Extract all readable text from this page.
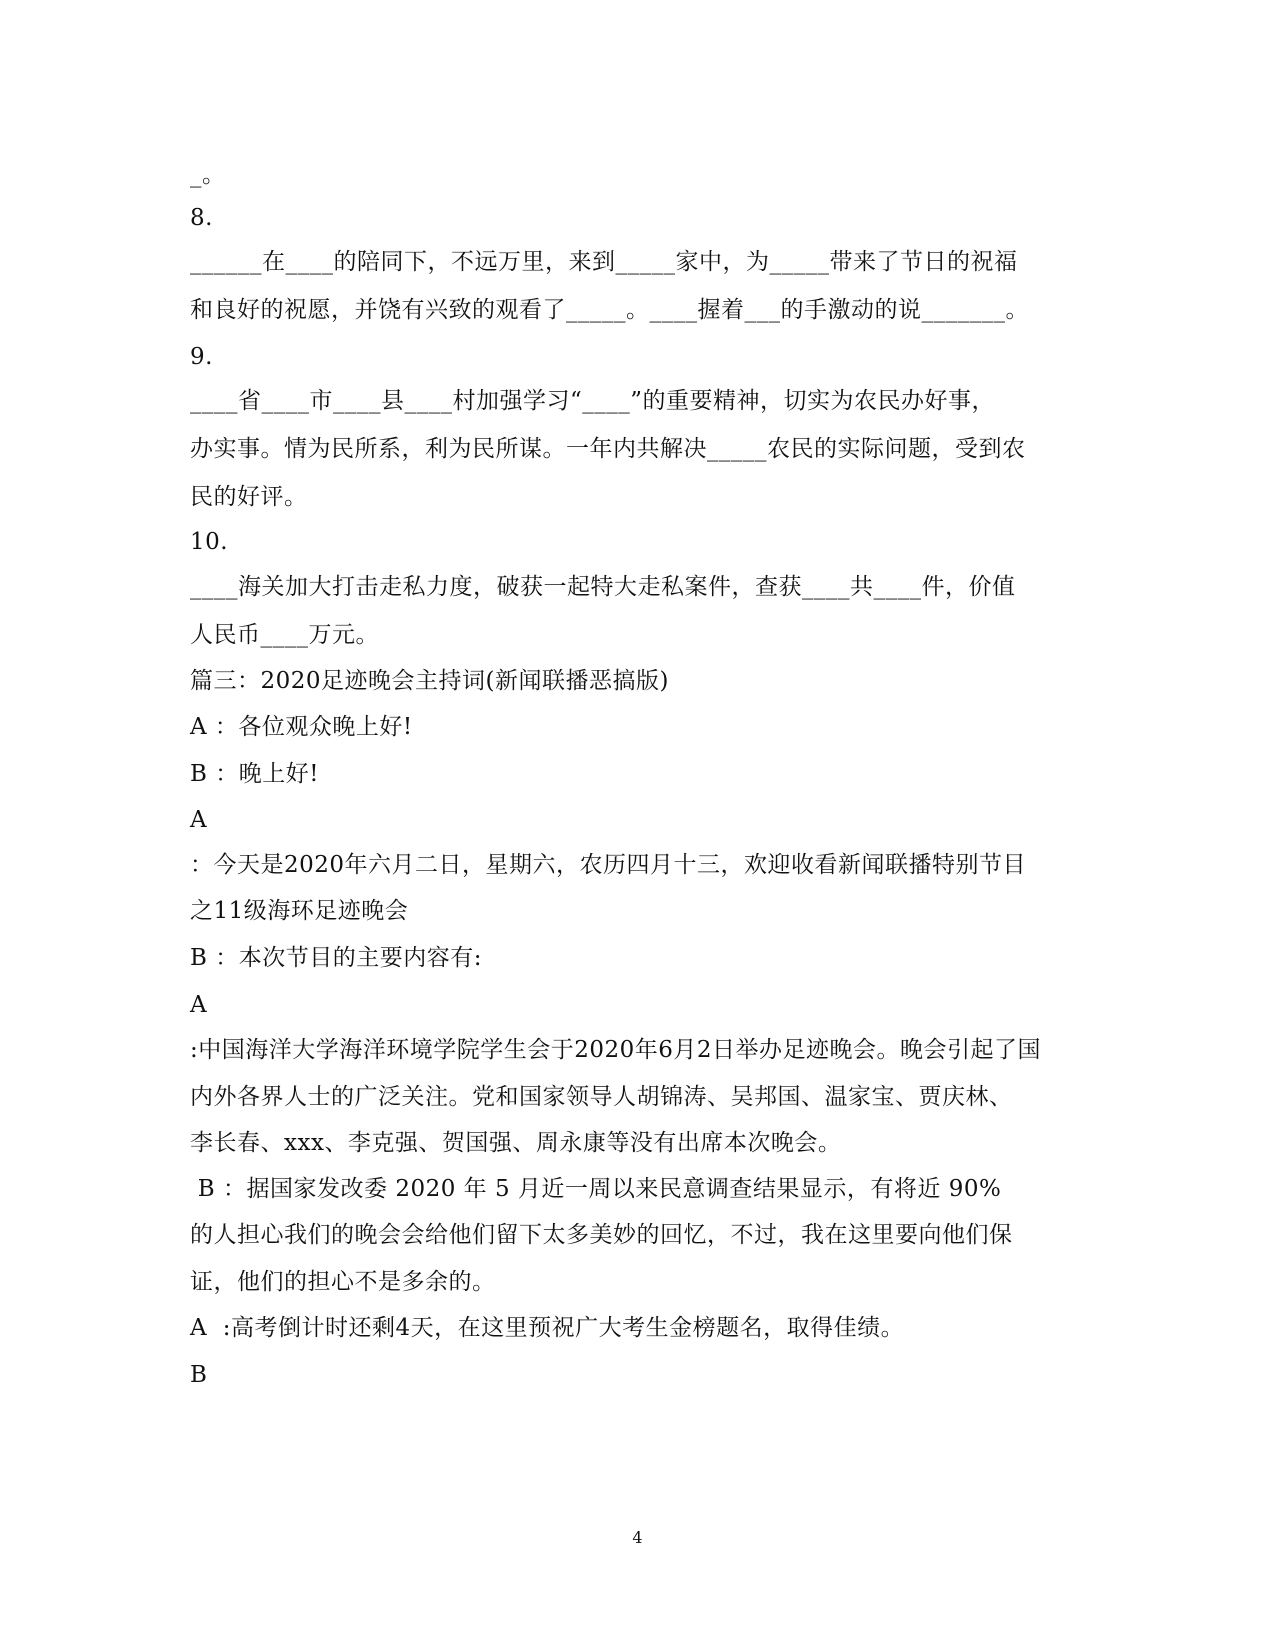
_。
8.
______在____的陪同下，不远万里，来到_____家中，为_____带来了节日的祝福
和良好的祝愿，并饶有兴致的观看了_____。____握着___的手激动的说_______。
9.
____省____市____县____村加强学习“____”的重要精神，切实为农民办好事，
办实事。情为民所系，利为民所谋。一年内共解决_____农民的实际问题，受到农
民的好评。
10.
____海关加大打击走私力度，破获一起特大走私案件，查获____共____件，价值
人民币____万元。
篇三：2020足迹晚会主持词(新闻联播恶搞版)
A ：各位观众晚上好!
B ：晚上好!
A
：今天是2020年六月二日，星期六，农历四月十三，欢迎收看新闻联播特别节目
之11级海环足迹晚会
B ：本次节目的主要内容有:
A
:中国海洋大学海洋环境学院学生会于2020年6月2日举办足迹晚会。晚会引起了国
内外各界人士的广泛关注。党和国家领导人胡锦涛、吴邦国、温家宝、贾庆林、
李长春、xxx、李克强、贺国强、周永康等没有出席本次晚会。
B ：据国家发改委 2020 年 5 月近一周以来民意调查结果显示，有将近 90%
的人担心我们的晚会会给他们留下太多美妙的回忆，不过，我在这里要向他们保
证，他们的担心不是多余的。
A  :高考倒计时还剩4天，在这里预祝广大考生金榜题名，取得佳绩。
B
4
